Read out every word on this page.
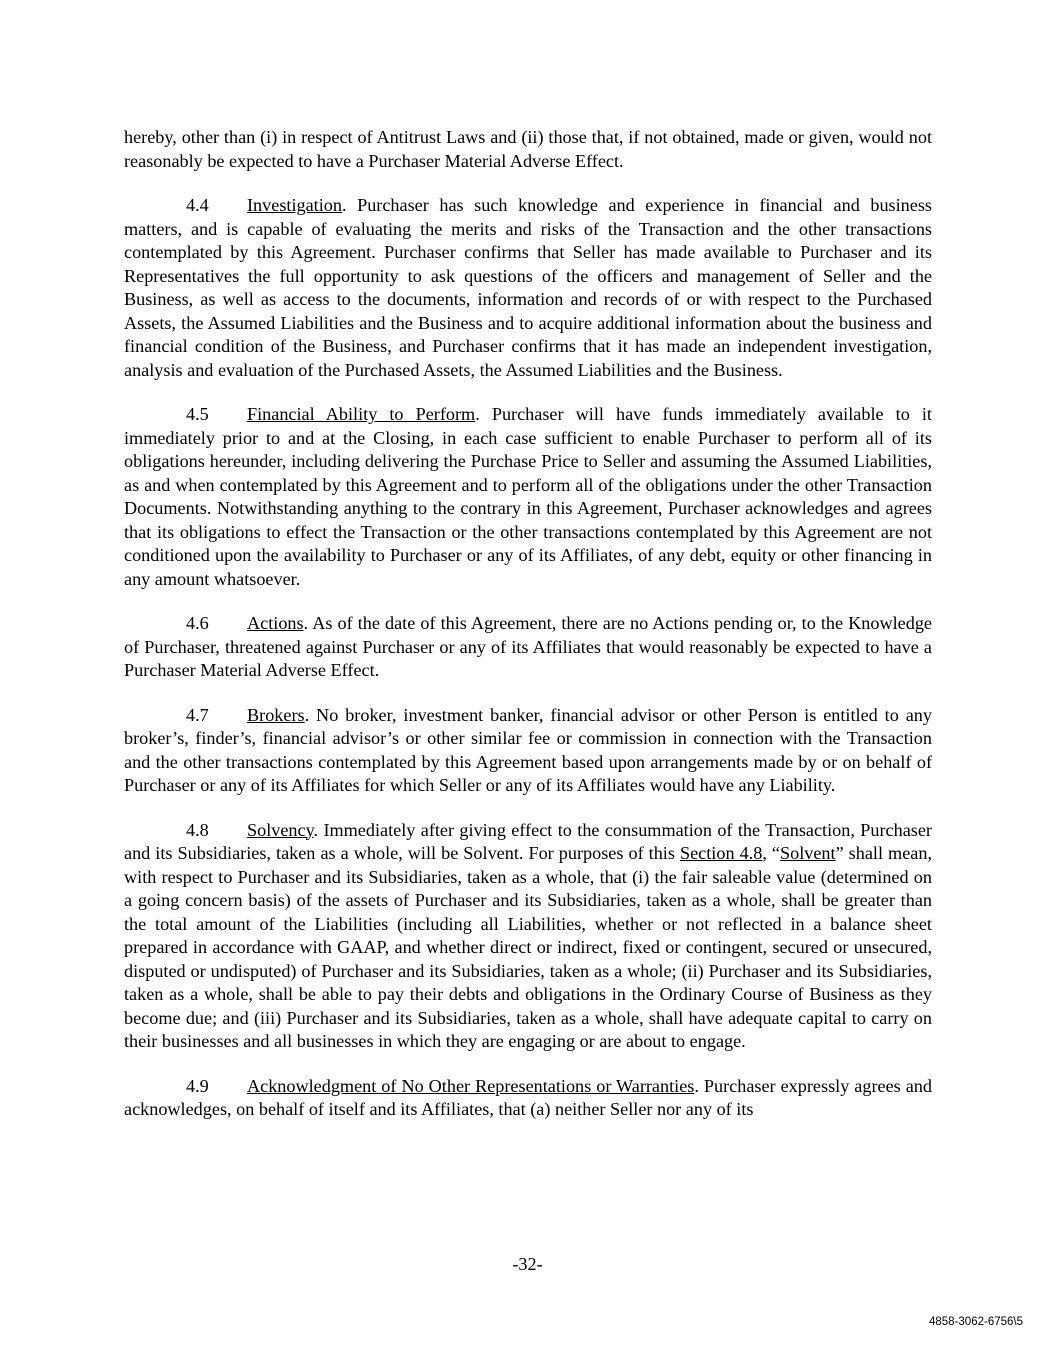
hereby, other than (i) in respect of Antitrust Laws and (ii) those that, if not obtained, made or given, would not reasonably be expected to have a Purchaser Material Adverse Effect.

4.4 Investigation. Purchaser has such knowledge and experience in financial and business matters, and is capable of evaluating the merits and risks of the Transaction and the other transactions contemplated by this Agreement. Purchaser confirms that Seller has made available to Purchaser and its Representatives the full opportunity to ask questions of the officers and management of Seller and the Business, as well as access to the documents, information and records of or with respect to the Purchased Assets, the Assumed Liabilities and the Business and to acquire additional information about the business and financial condition of the Business, and Purchaser confirms that it has made an independent investigation, analysis and evaluation of the Purchased Assets, the Assumed Liabilities and the Business.

4.5 Financial Ability to Perform. Purchaser will have funds immediately available to it immediately prior to and at the Closing, in each case sufficient to enable Purchaser to perform all of its obligations hereunder, including delivering the Purchase Price to Seller and assuming the Assumed Liabilities, as and when contemplated by this Agreement and to perform all of the obligations under the other Transaction Documents. Notwithstanding anything to the contrary in this Agreement, Purchaser acknowledges and agrees that its obligations to effect the Transaction or the other transactions contemplated by this Agreement are not conditioned upon the availability to Purchaser or any of its Affiliates, of any debt, equity or other financing in any amount whatsoever.

4.6 Actions. As of the date of this Agreement, there are no Actions pending or, to the Knowledge of Purchaser, threatened against Purchaser or any of its Affiliates that would reasonably be expected to have a Purchaser Material Adverse Effect.

4.7 Brokers. No broker, investment banker, financial advisor or other Person is entitled to any broker’s, finder’s, financial advisor’s or other similar fee or commission in connection with the Transaction and the other transactions contemplated by this Agreement based upon arrangements made by or on behalf of Purchaser or any of its Affiliates for which Seller or any of its Affiliates would have any Liability.

4.8 Solvency. Immediately after giving effect to the consummation of the Transaction, Purchaser and its Subsidiaries, taken as a whole, will be Solvent. For purposes of this Section 4.8, “Solvent” shall mean, with respect to Purchaser and its Subsidiaries, taken as a whole, that (i) the fair saleable value (determined on a going concern basis) of the assets of Purchaser and its Subsidiaries, taken as a whole, shall be greater than the total amount of the Liabilities (including all Liabilities, whether or not reflected in a balance sheet prepared in accordance with GAAP, and whether direct or indirect, fixed or contingent, secured or unsecured, disputed or undisputed) of Purchaser and its Subsidiaries, taken as a whole; (ii) Purchaser and its Subsidiaries, taken as a whole, shall be able to pay their debts and obligations in the Ordinary Course of Business as they become due; and (iii) Purchaser and its Subsidiaries, taken as a whole, shall have adequate capital to carry on their businesses and all businesses in which they are engaging or are about to engage.

4.9 Acknowledgment of No Other Representations or Warranties. Purchaser expressly agrees and acknowledges, on behalf of itself and its Affiliates, that (a) neither Seller nor any of its

-32-
4858-3062-6756\5
